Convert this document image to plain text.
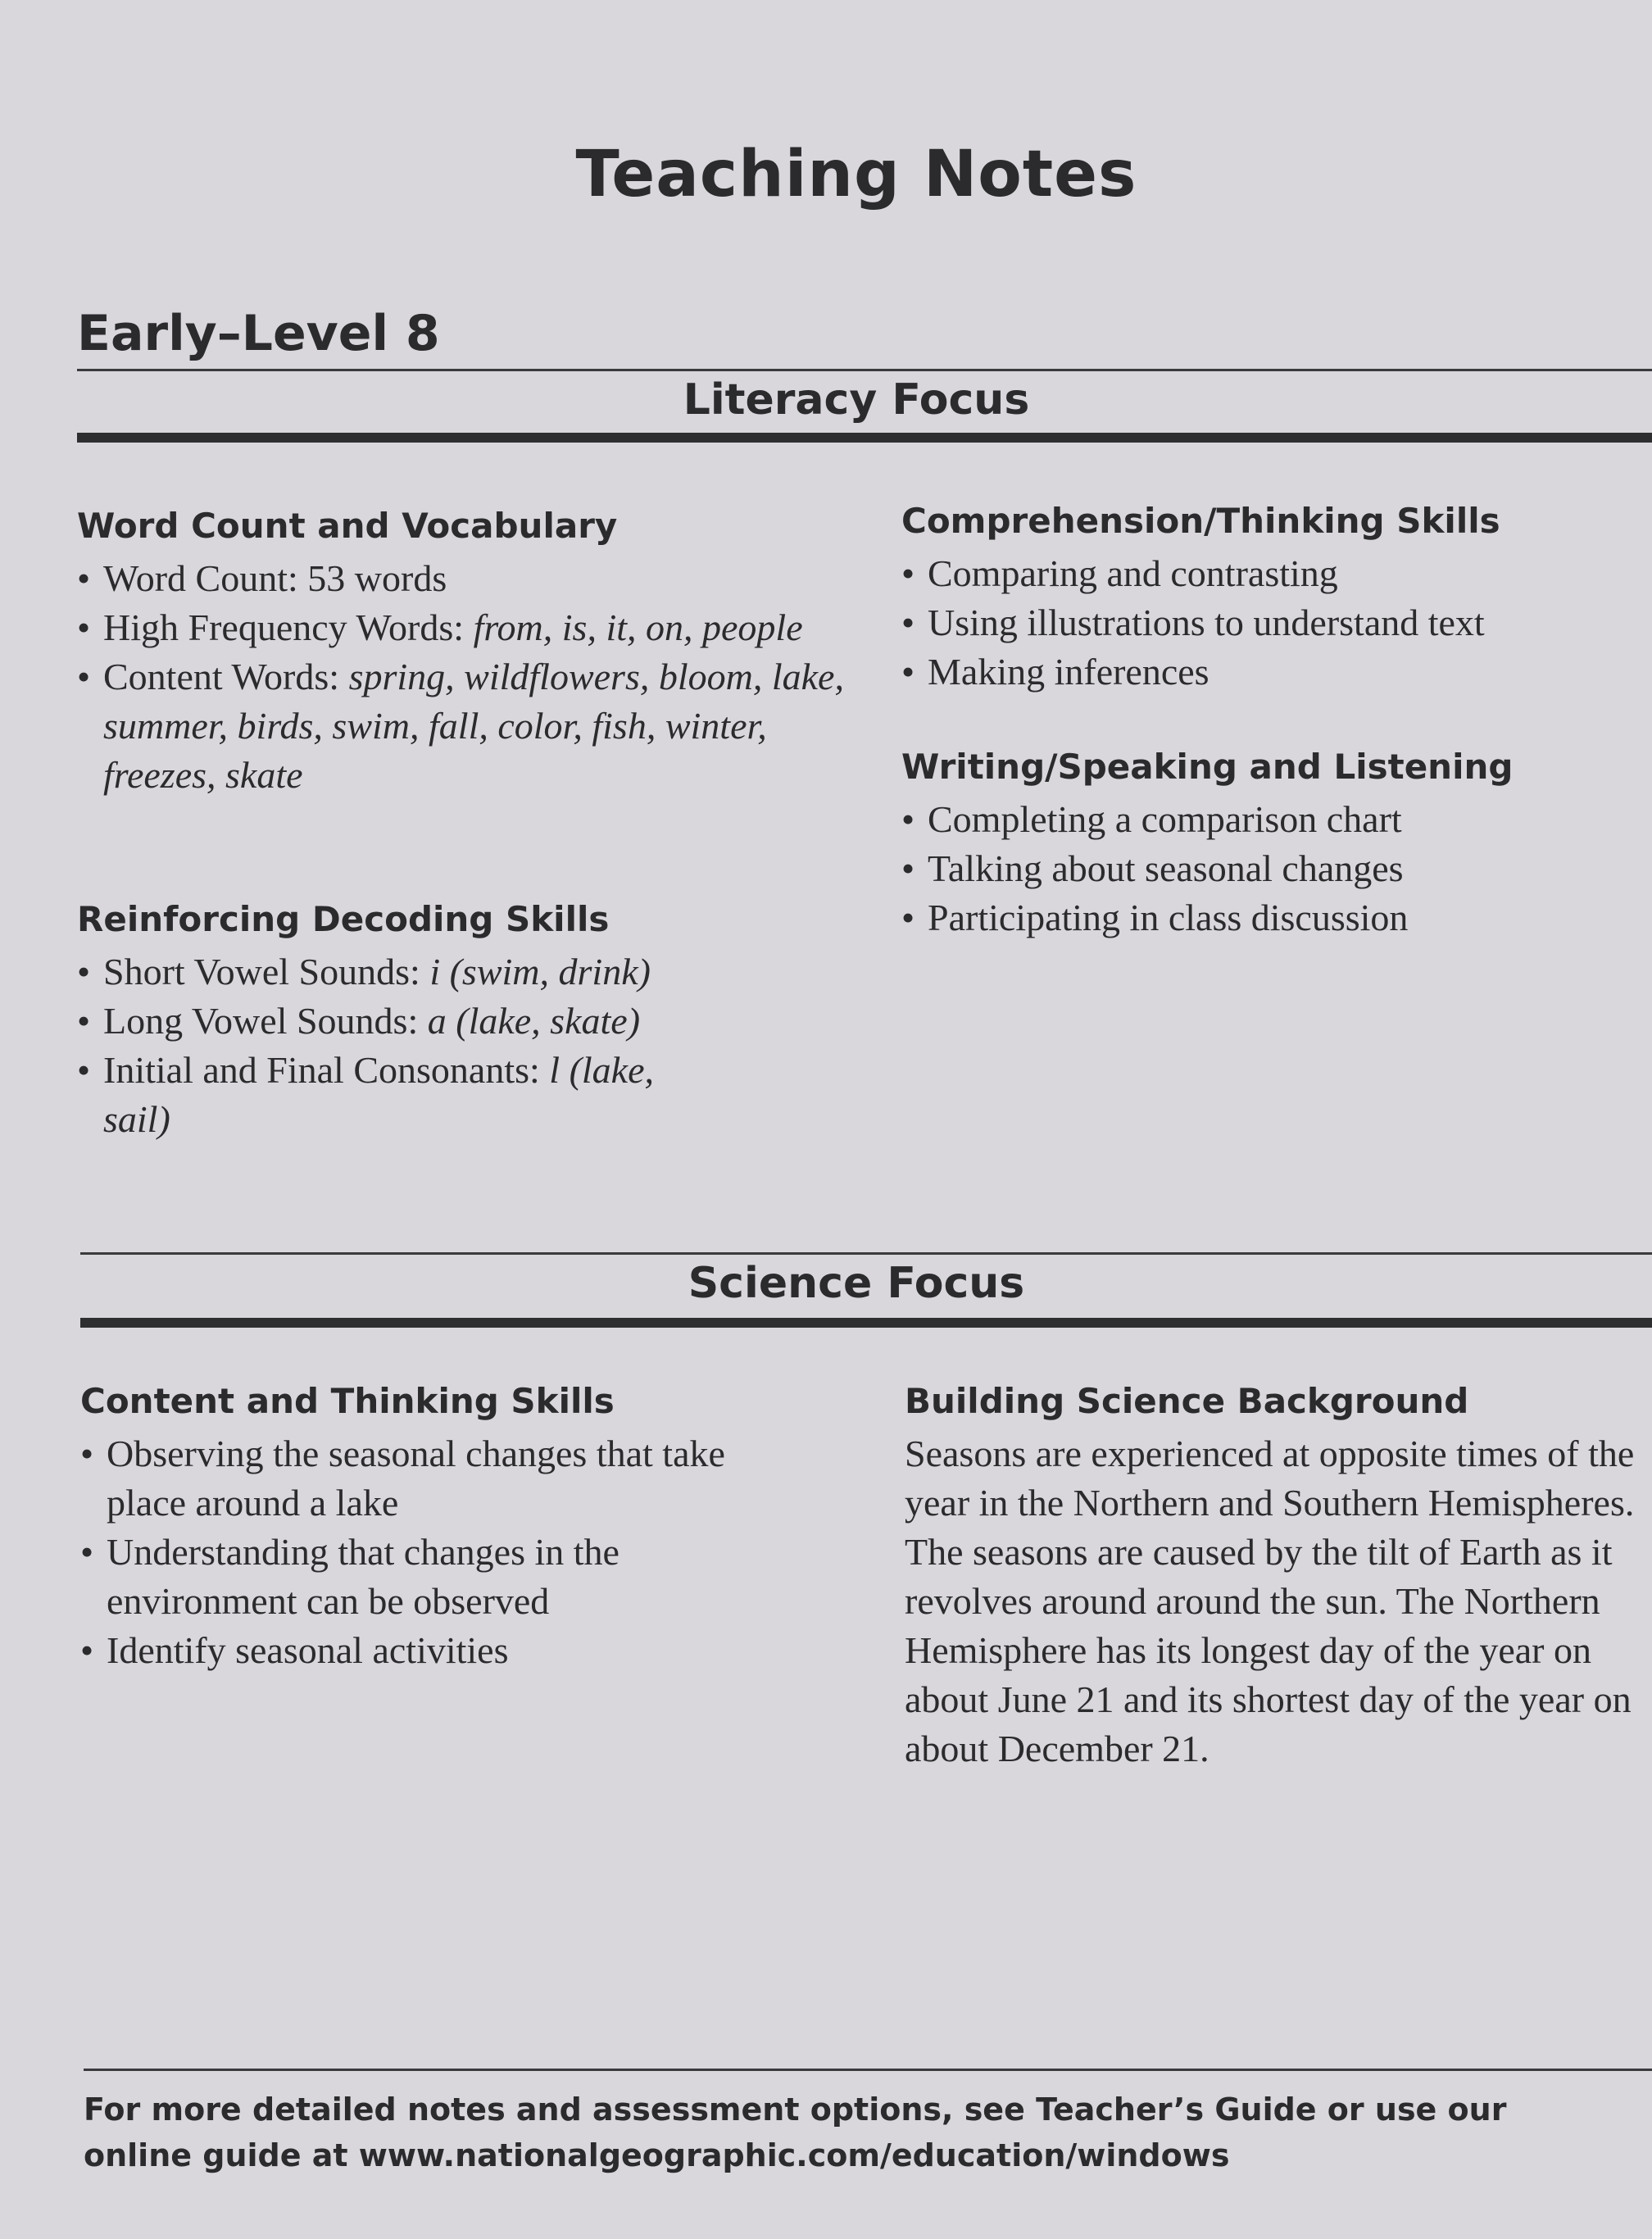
Teaching Notes
Early–Level 8
Literacy Focus
Word Count and Vocabulary
• Word Count: 53 words
• High Frequency Words: from, is, it, on, people
• Content Words: spring, wildflowers, bloom, lake, summer, birds, swim, fall, color, fish, winter, freezes, skate
Reinforcing Decoding Skills
• Short Vowel Sounds: i (swim, drink)
• Long Vowel Sounds: a (lake, skate)
• Initial and Final Consonants: l (lake, sail)
Comprehension/Thinking Skills
• Comparing and contrasting
• Using illustrations to understand text
• Making inferences
Writing/Speaking and Listening
• Completing a comparison chart
• Talking about seasonal changes
• Participating in class discussion
Science Focus
Content and Thinking Skills
• Observing the seasonal changes that take place around a lake
• Understanding that changes in the environment can be observed
• Identify seasonal activities
Building Science Background

Seasons are experienced at opposite times of the year in the Northern and Southern Hemispheres. The seasons are caused by the tilt of Earth as it revolves around around the sun. The Northern Hemisphere has its longest day of the year on about June 21 and its shortest day of the year on about December 21.

For more detailed notes and assessment options, see Teacher’s Guide or use our online guide at www.nationalgeographic.com/education/windows
